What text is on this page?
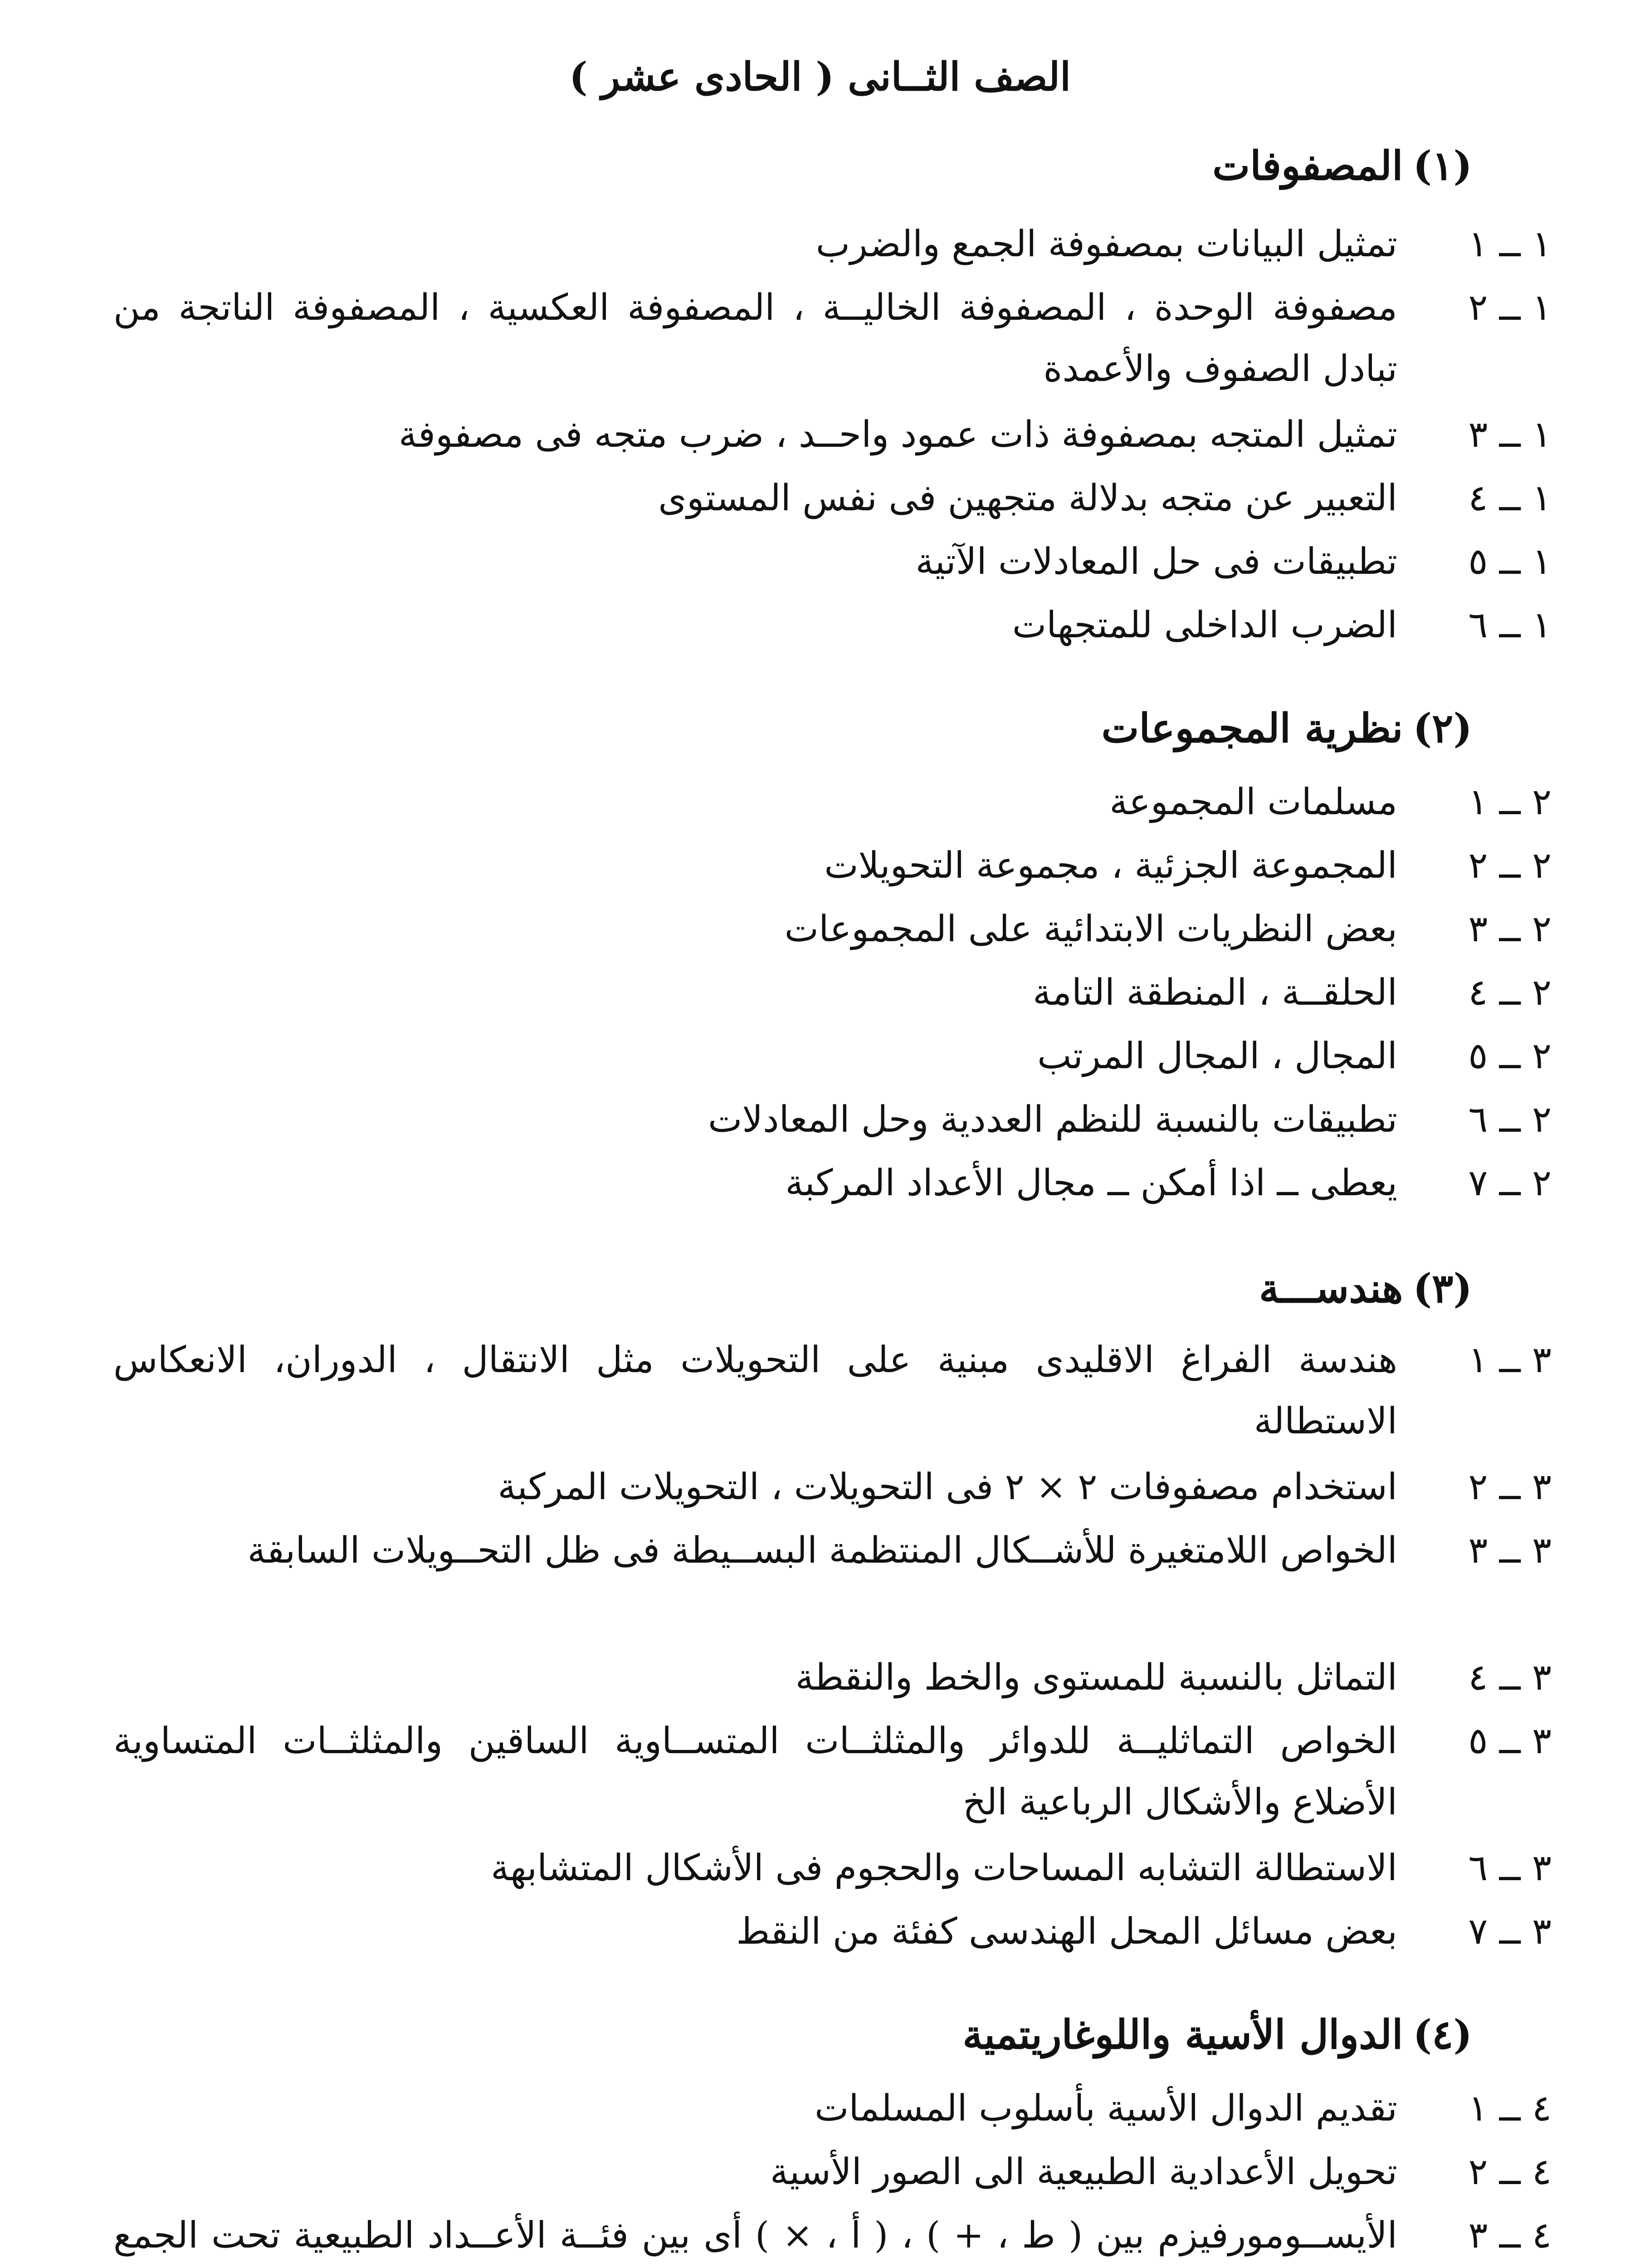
الصف الثــانى ( الحادى عشر )
(١)المصفوفات
١ ــ ١
تمثيل البيانات بمصفوفة الجمع والضرب
١ ــ ٢
مصفوفة الوحدة ، المصفوفة الخاليــة ، المصفوفة العكسية ، المصفوفة الناتجة من تبادل الصفوف والأعمدة
١ ــ ٣
تمثيل المتجه بمصفوفة ذات عمود واحــد ، ضرب متجه فى مصفوفة
١ ــ ٤
التعبير عن متجه بدلالة متجهين فى نفس المستوى
١ ــ ٥
تطبيقات فى حل المعادلات الآتية
١ ــ ٦
الضرب الداخلى للمتجهات
(٢)نظرية المجموعات
٢ ــ ١
مسلمات المجموعة
٢ ــ ٢
المجموعة الجزئية ، مجموعة التحويلات
٢ ــ ٣
بعض النظريات الابتدائية على المجموعات
٢ ــ ٤
الحلقــة ، المنطقة التامة
٢ ــ ٥
المجال ، المجال المرتب
٢ ــ ٦
تطبيقات بالنسبة للنظم العددية وحل المعادلات
٢ ــ ٧
يعطى ــ اذا أمكن ــ مجال الأعداد المركبة
(٣)هندســـة
٣ ــ ١
هندسة الفراغ الاقليدى مبنية على التحويلات مثل الانتقال ، الدوران، الانعكاس الاستطالة
٣ ــ ٢
استخدام مصفوفات ٢ × ٢ فى التحويلات ، التحويلات المركبة
٣ ــ ٣
الخواص اللامتغيرة للأشــكال المنتظمة البســيطة فى ظل التحــويلات السابقة
٣ ــ ٤
التماثل بالنسبة للمستوى والخط والنقطة
٣ ــ ٥
الخواص التماثليــة للدوائر والمثلثــات المتســاوية الساقين والمثلثــات المتساوية الأضلاع والأشكال الرباعية الخ
٣ ــ ٦
الاستطالة التشابه المساحات والحجوم فى الأشكال المتشابهة
٣ ــ ٧
بعض مسائل المحل الهندسى كفئة من النقط
(٤)الدوال الأسية واللوغاريتمية
٤ ــ ١
تقديم الدوال الأسية بأسلوب المسلمات
٤ ــ ٢
تحويل الأعدادية الطبيعية الى الصور الأسية
٤ ــ ٣
الأيســومورفيزم بين ( ط ، + ) ، ( أ ، × ) أى بين فئــة الأعــداد الطبيعية تحت الجمع
